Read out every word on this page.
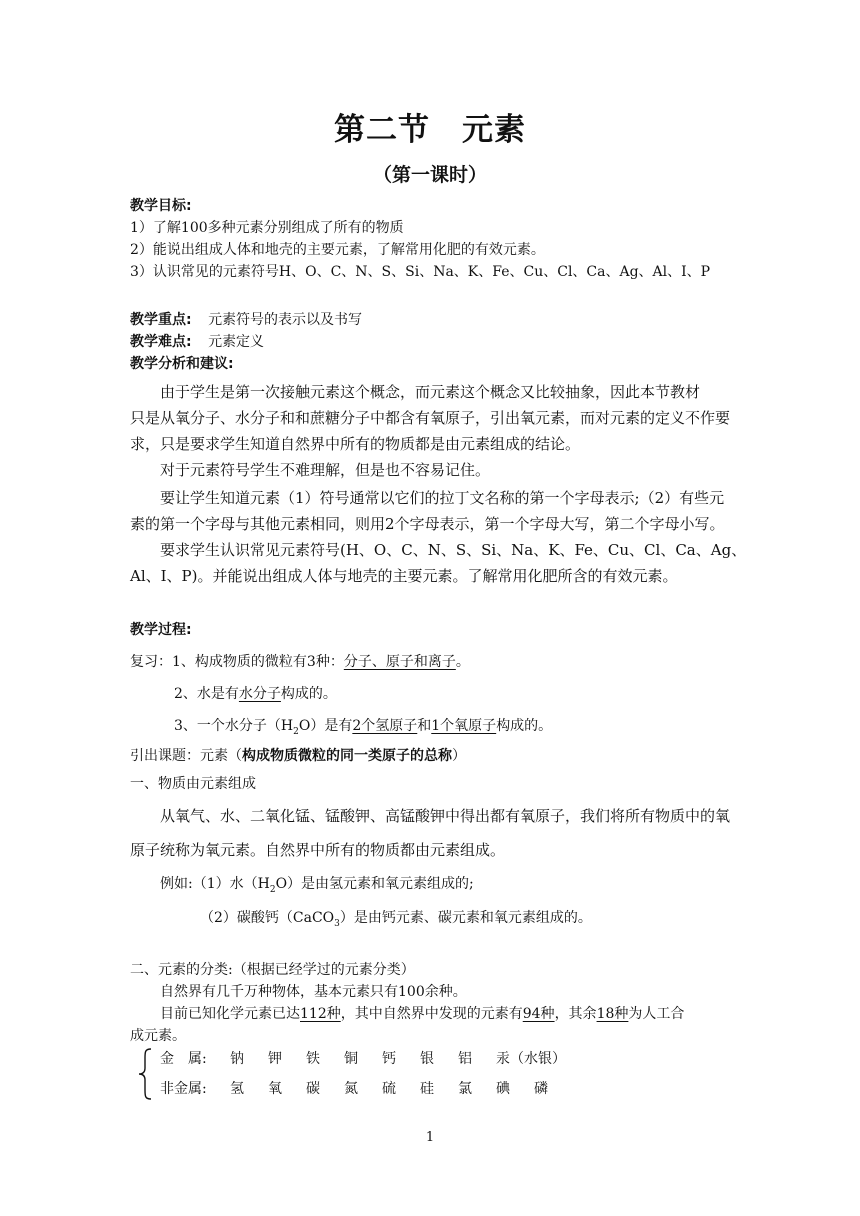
第二节　元素
（第一课时）
教学目标:
1）了解100多种元素分别组成了所有的物质
2）能说出组成人体和地壳的主要元素，了解常用化肥的有效元素。
3）认识常见的元素符号H、O、C、N、S、Si、Na、K、Fe、Cu、Cl、Ca、Ag、Al、I、P
教学重点: 元素符号的表示以及书写
教学难点: 元素定义
教学分析和建议:
由于学生是第一次接触元素这个概念，而元素这个概念又比较抽象，因此本节教材
只是从氧分子、水分子和和蔗糖分子中都含有氧原子，引出氧元素，而对元素的定义不作要
求，只是要求学生知道自然界中所有的物质都是由元素组成的结论。
对于元素符号学生不难理解，但是也不容易记住。
要让学生知道元素（1）符号通常以它们的拉丁文名称的第一个字母表示;（2）有些元
素的第一个字母与其他元素相同，则用2个字母表示，第一个字母大写，第二个字母小写。
要求学生认识常见元素符号(H、O、C、N、S、Si、Na、K、Fe、Cu、Cl、Ca、Ag、
Al、I、P)。并能说出组成人体与地壳的主要元素。了解常用化肥所含的有效元素。
教学过程:
复习：1、构成物质的微粒有3种：分子、原子和离子。
2、水是有水分子构成的。
3、一个水分子$(H_2O)$是有2个氢原子和1个氧原子构成的。
引出课题：元素（构成物质微粒的同一类原子的总称）
一、物质由元素组成
从氧气、水、二氧化锰、锰酸钾、高锰酸钾中得出都有氧原子，我们将所有物质中的氧
原子统称为氧元素。自然界中所有的物质都由元素组成。
例如:（1）水$(H_2O)$是由氢元素和氧元素组成的;
（2）碳酸钙（CaCO$_3$）是由钙元素、碳元素和氧元素组成的。
二、元素的分类:（根据已经学过的元素分类）
自然界有几千万种物体，基本元素只有100余种。
目前已知化学元素已达112种，其中自然界中发现的元素有94种，其余18种为人工合
成元素。
金　属: 钠 钾 铁 铜 钙 银 铝 汞（水银）
非金属: 氢 氧 碳 氮 硫 硅 氯 碘 磷
1
